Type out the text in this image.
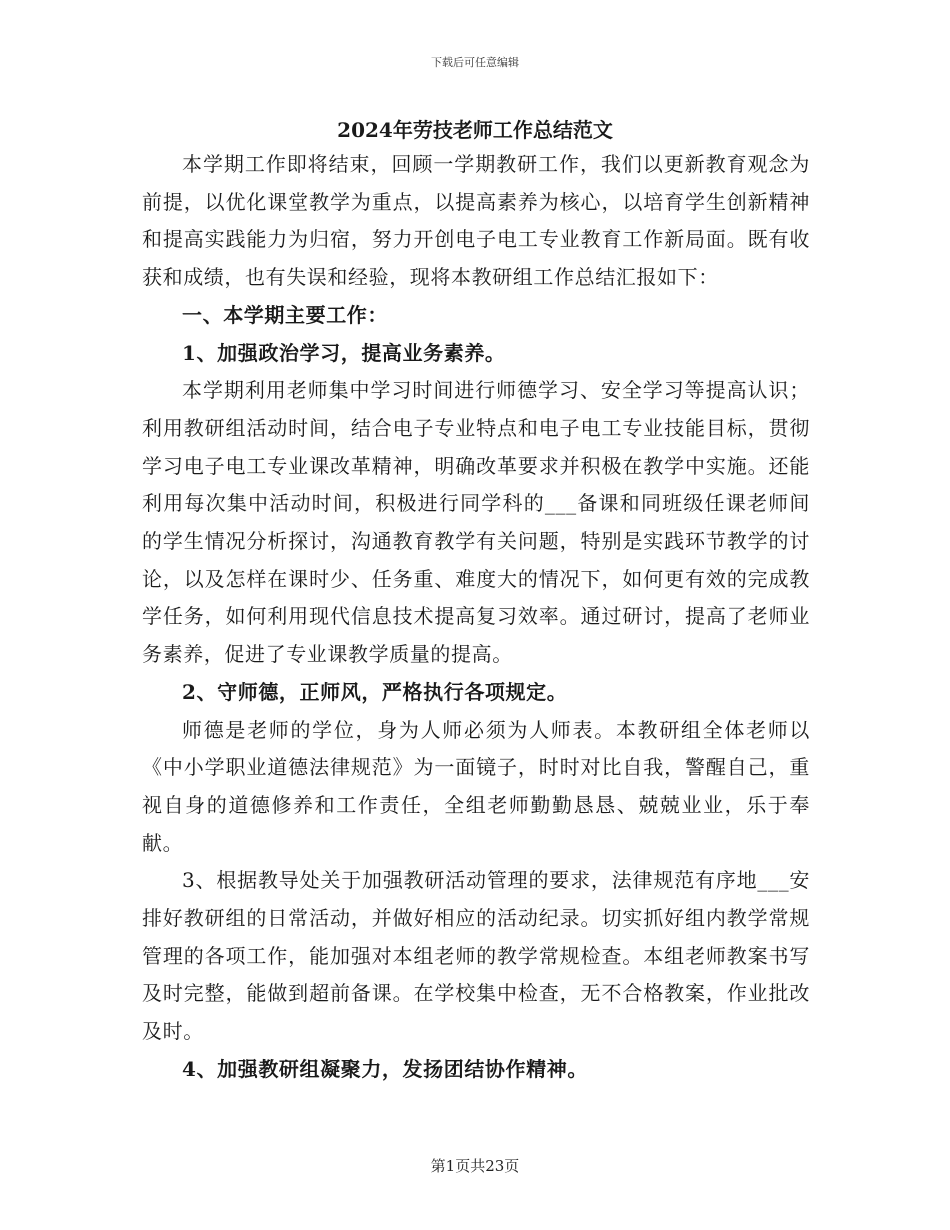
下载后可任意编辑
2024年劳技老师工作总结范文

本学期工作即将结束，回顾一学期教研工作，我们以更新教育观念为前提，以优化课堂教学为重点，以提高素养为核心，以培育学生创新精神和提高实践能力为归宿，努力开创电子电工专业教育工作新局面。既有收获和成绩，也有失误和经验，现将本教研组工作总结汇报如下：

一、本学期主要工作：

1、加强政治学习，提高业务素养。

本学期利用老师集中学习时间进行师德学习、安全学习等提高认识；利用教研组活动时间，结合电子专业特点和电子电工专业技能目标，贯彻学习电子电工专业课改革精神，明确改革要求并积极在教学中实施。还能利用每次集中活动时间，积极进行同学科的___备课和同班级任课老师间的学生情况分析探讨，沟通教育教学有关问题，特别是实践环节教学的讨论，以及怎样在课时少、任务重、难度大的情况下，如何更有效的完成教学任务，如何利用现代信息技术提高复习效率。通过研讨，提高了老师业务素养，促进了专业课教学质量的提高。

2、守师德，正师风，严格执行各项规定。

师德是老师的学位，身为人师必须为人师表。本教研组全体老师以《中小学职业道德法律规范》为一面镜子，时时对比自我，警醒自己，重视自身的道德修养和工作责任，全组老师勤勤恳恳、兢兢业业，乐于奉献。

3、根据教导处关于加强教研活动管理的要求，法律规范有序地___安排好教研组的日常活动，并做好相应的活动纪录。切实抓好组内教学常规管理的各项工作，能加强对本组老师的教学常规检查。本组老师教案书写及时完整，能做到超前备课。在学校集中检查，无不合格教案，作业批改及时。

4、加强教研组凝聚力，发扬团结协作精神。

第1页共23页
